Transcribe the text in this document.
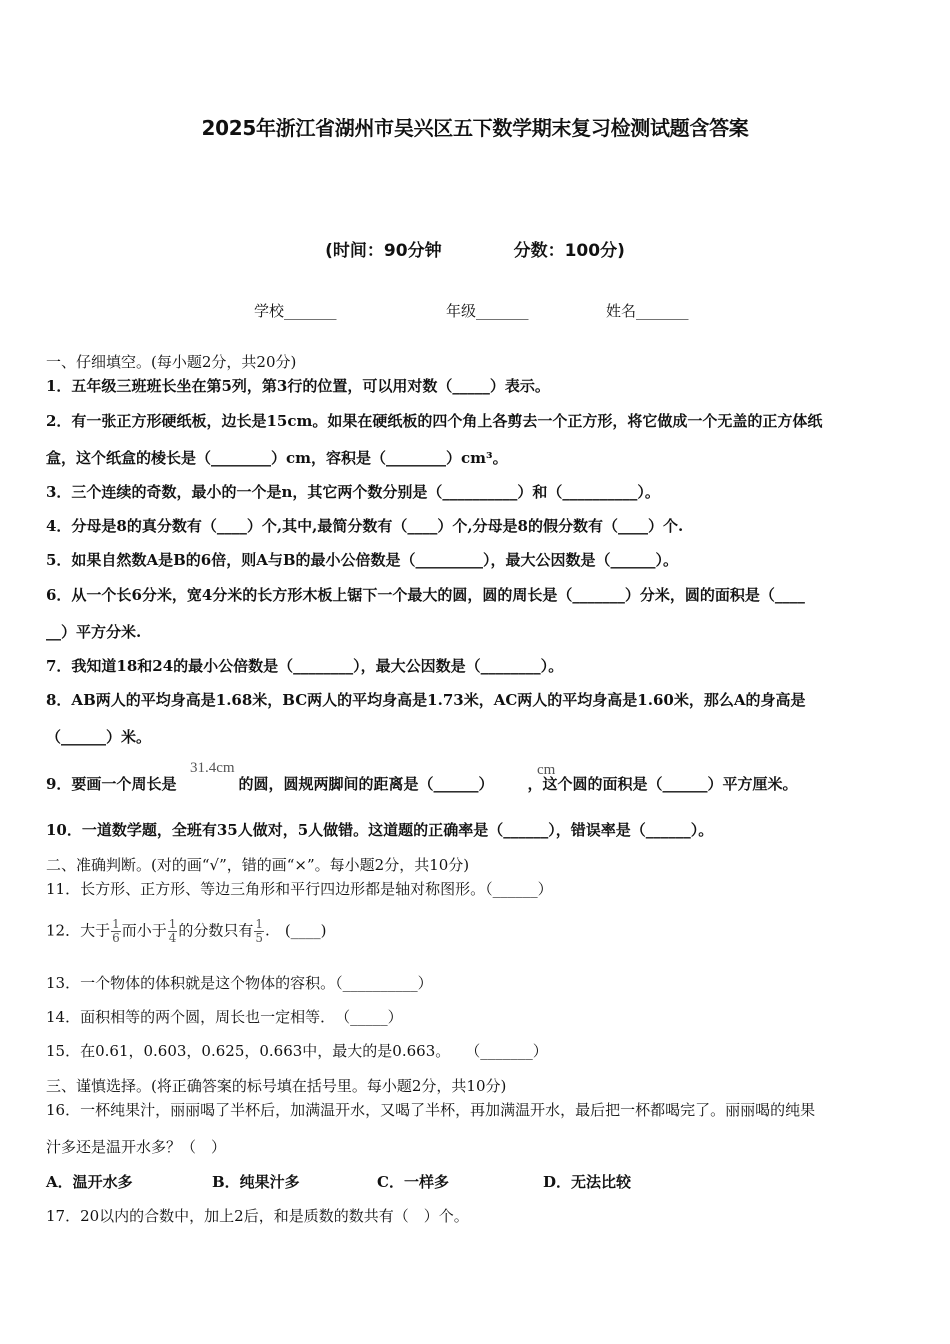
2025年浙江省湖州市吴兴区五下数学期末复习检测试题含答案
(时间：90分钟	分数：100分)
学校_______	年级_______	姓名_______
一、仔细填空。(每小题2分，共20分)
1．五年级三班班长坐在第5列，第3行的位置，可以用对数（_____）表示。
2．有一张正方形硬纸板，边长是15cm。如果在硬纸板的四个角上各剪去一个正方形，将它做成一个无盖的正方体纸
盒，这个纸盒的棱长是（________）cm，容积是（________）cm³。
3．三个连续的奇数，最小的一个是n，其它两个数分别是（__________）和（__________）。
4．分母是8的真分数有（____）个,其中,最简分数有（____）个,分母是8的假分数有（____）个.
5．如果自然数A是B的6倍，则A与B的最小公倍数是（_________），最大公因数是（______）。
6．从一个长6分米，宽4分米的长方形木板上锯下一个最大的圆，圆的周长是（_______）分米，圆的面积是（____
__）平方分米.
7．我知道18和24的最小公倍数是（________），最大公因数是（________）。
8．AB两人的平均身高是1.68米，BC两人的平均身高是1.73米，AC两人的平均身高是1.60米，那么A的身高是
（______）米。
9．要画一个周长是	的圆，圆规两脚间的距离是（______） ，这个圆的面积是（______）平方厘米。
31.4cm	cm
10．一道数学题，全班有35人做对，5人做错。这道题的正确率是（______），错误率是（______）。
二、准确判断。(对的画“√”，错的画“×”。每小题2分，共10分)
11．长方形、正方形、等边三角形和平行四边形都是轴对称图形。（______）
12．大于 $\frac{1}{6}$ 而小于 $\frac{1}{4}$ 的分数只有 $\frac{1}{5}$ .　(____)
13．一个物体的体积就是这个物体的容积。（__________）
14．面积相等的两个圆，周长也一定相等．　（_____）
15．在0.61，0.603，0.625，0.663中，最大的是0.663。　　（_______）
三、谨慎选择。(将正确答案的标号填在括号里。每小题2分，共10分)
16．一杯纯果汁，丽丽喝了半杯后，加满温开水，又喝了半杯，再加满温开水，最后把一杯都喝完了。丽丽喝的纯果
汁多还是温开水多？（　）
A．温开水多	B．纯果汁多	C．一样多	D．无法比较
17．20以内的合数中，加上2后，和是质数的数共有（　）个。
